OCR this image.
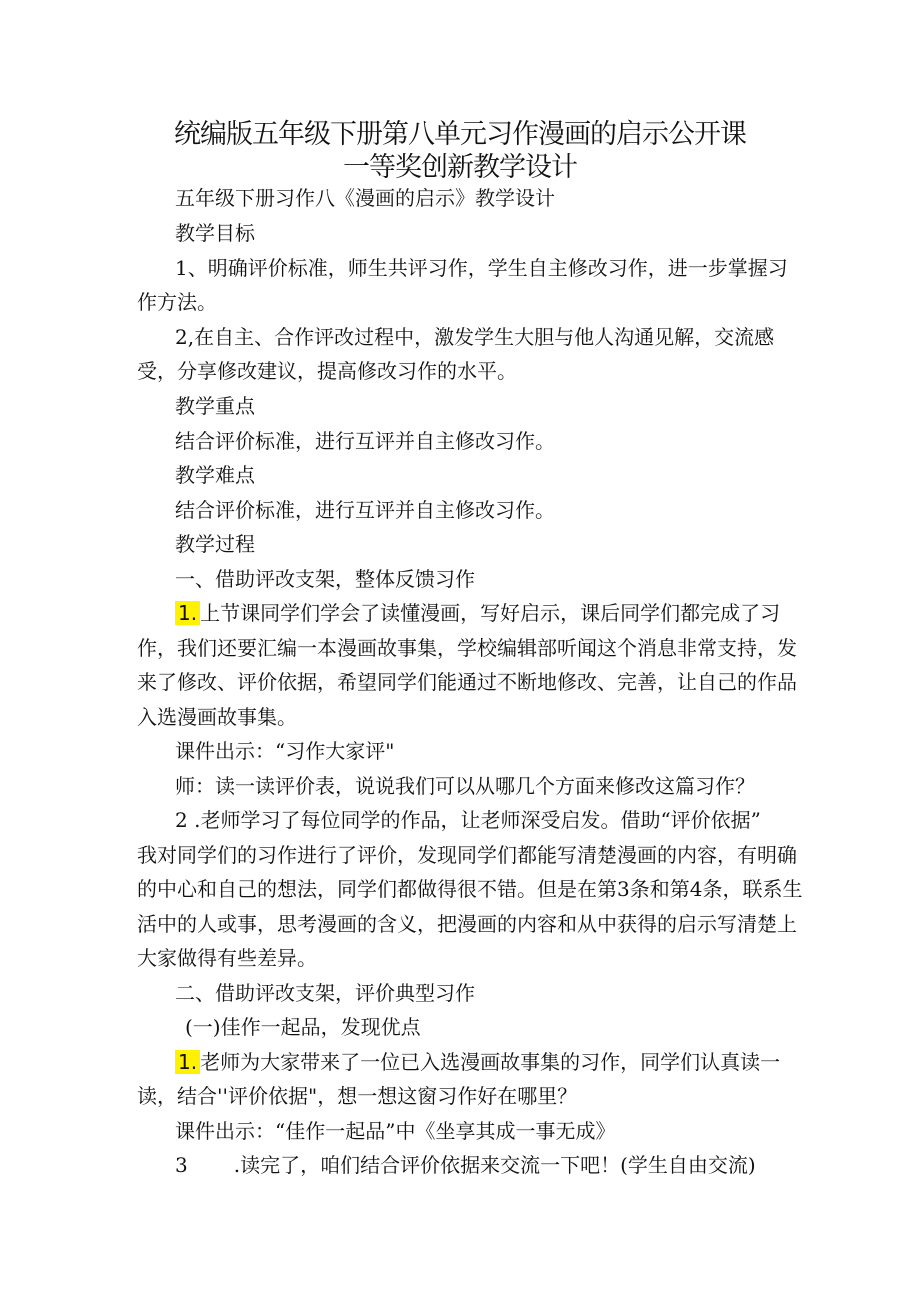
统编版五年级下册第八单元习作漫画的启示公开课
一等奖创新教学设计
五年级下册习作八《漫画的启示》教学设计
教学目标
1、明确评价标准，师生共评习作，学生自主修改习作，进一步掌握习
作方法。
2,在自主、合作评改过程中，激发学生大胆与他人沟通见解，交流感
受，分享修改建议，提高修改习作的水平。
教学重点
结合评价标准，进行互评并自主修改习作。
教学难点
结合评价标准，进行互评并自主修改习作。
教学过程
一、借助评改支架，整体反馈习作
1. 上节课同学们学会了读懂漫画，写好启示，课后同学们都完成了习
作，我们还要汇编一本漫画故事集，学校编辑部听闻这个消息非常支持，发
来了修改、评价依据，希望同学们能通过不断地修改、完善，让自己的作品
入选漫画故事集。
课件出示：“习作大家评"
师：读一读评价表，说说我们可以从哪几个方面来修改这篇习作？
2 .老师学习了每位同学的作品，让老师深受启发。借助“评价依据”
我对同学们的习作进行了评价，发现同学们都能写清楚漫画的内容，有明确
的中心和自己的想法，同学们都做得很不错。但是在第3条和第4条，联系生
活中的人或事，思考漫画的含义，把漫画的内容和从中获得的启示写清楚上
大家做得有些差异。
二、借助评改支架，评价典型习作
(一)佳作一起品，发现优点
1. 老师为大家带来了一位已入选漫画故事集的习作，同学们认真读一
读，结合''评价依据"，想一想这窗习作好在哪里？
课件出示：“佳作一起品”中《坐享其成一事无成》
3 .读完了，咱们结合评价依据来交流一下吧！(学生自由交流)
